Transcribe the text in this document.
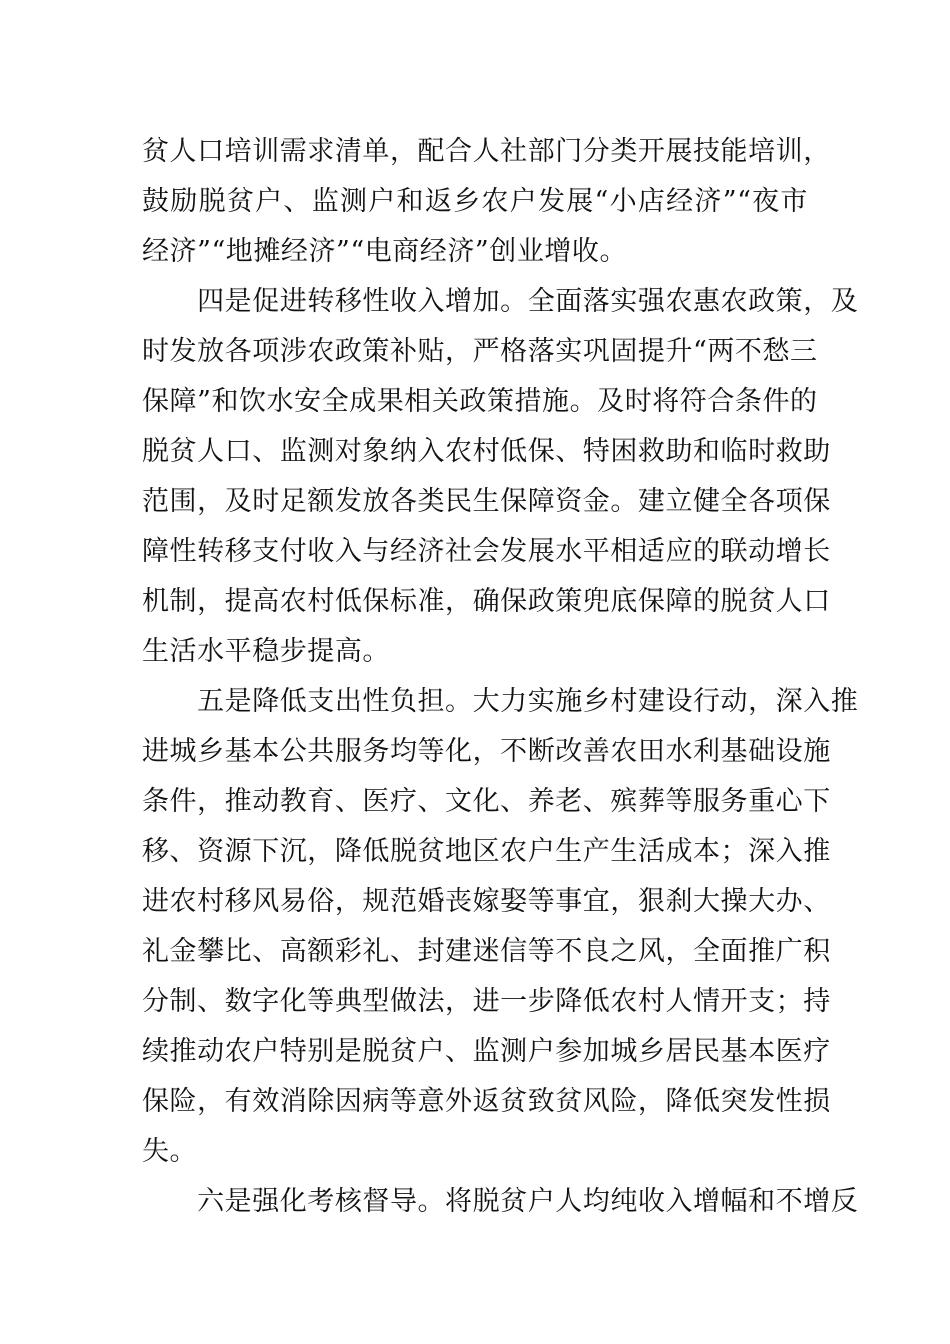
贫人口培训需求清单，配合人社部门分类开展技能培训，
鼓励脱贫户、监测户和返乡农户发展“小店经济”“夜市
经济”“地摊经济”“电商经济”创业增收。
　　四是促进转移性收入增加。全面落实强农惠农政策，及
时发放各项涉农政策补贴，严格落实巩固提升“两不愁三
保障”和饮水安全成果相关政策措施。及时将符合条件的
脱贫人口、监测对象纳入农村低保、特困救助和临时救助
范围，及时足额发放各类民生保障资金。建立健全各项保
障性转移支付收入与经济社会发展水平相适应的联动增长
机制，提高农村低保标准，确保政策兜底保障的脱贫人口
生活水平稳步提高。
　　五是降低支出性负担。大力实施乡村建设行动，深入推
进城乡基本公共服务均等化，不断改善农田水利基础设施
条件，推动教育、医疗、文化、养老、殡葬等服务重心下
移、资源下沉，降低脱贫地区农户生产生活成本；深入推
进农村移风易俗，规范婚丧嫁娶等事宜，狠刹大操大办、
礼金攀比、高额彩礼、封建迷信等不良之风，全面推广积
分制、数字化等典型做法，进一步降低农村人情开支；持
续推动农户特别是脱贫户、监测户参加城乡居民基本医疗
保险，有效消除因病等意外返贫致贫风险，降低突发性损
失。
　　六是强化考核督导。将脱贫户人均纯收入增幅和不增反
